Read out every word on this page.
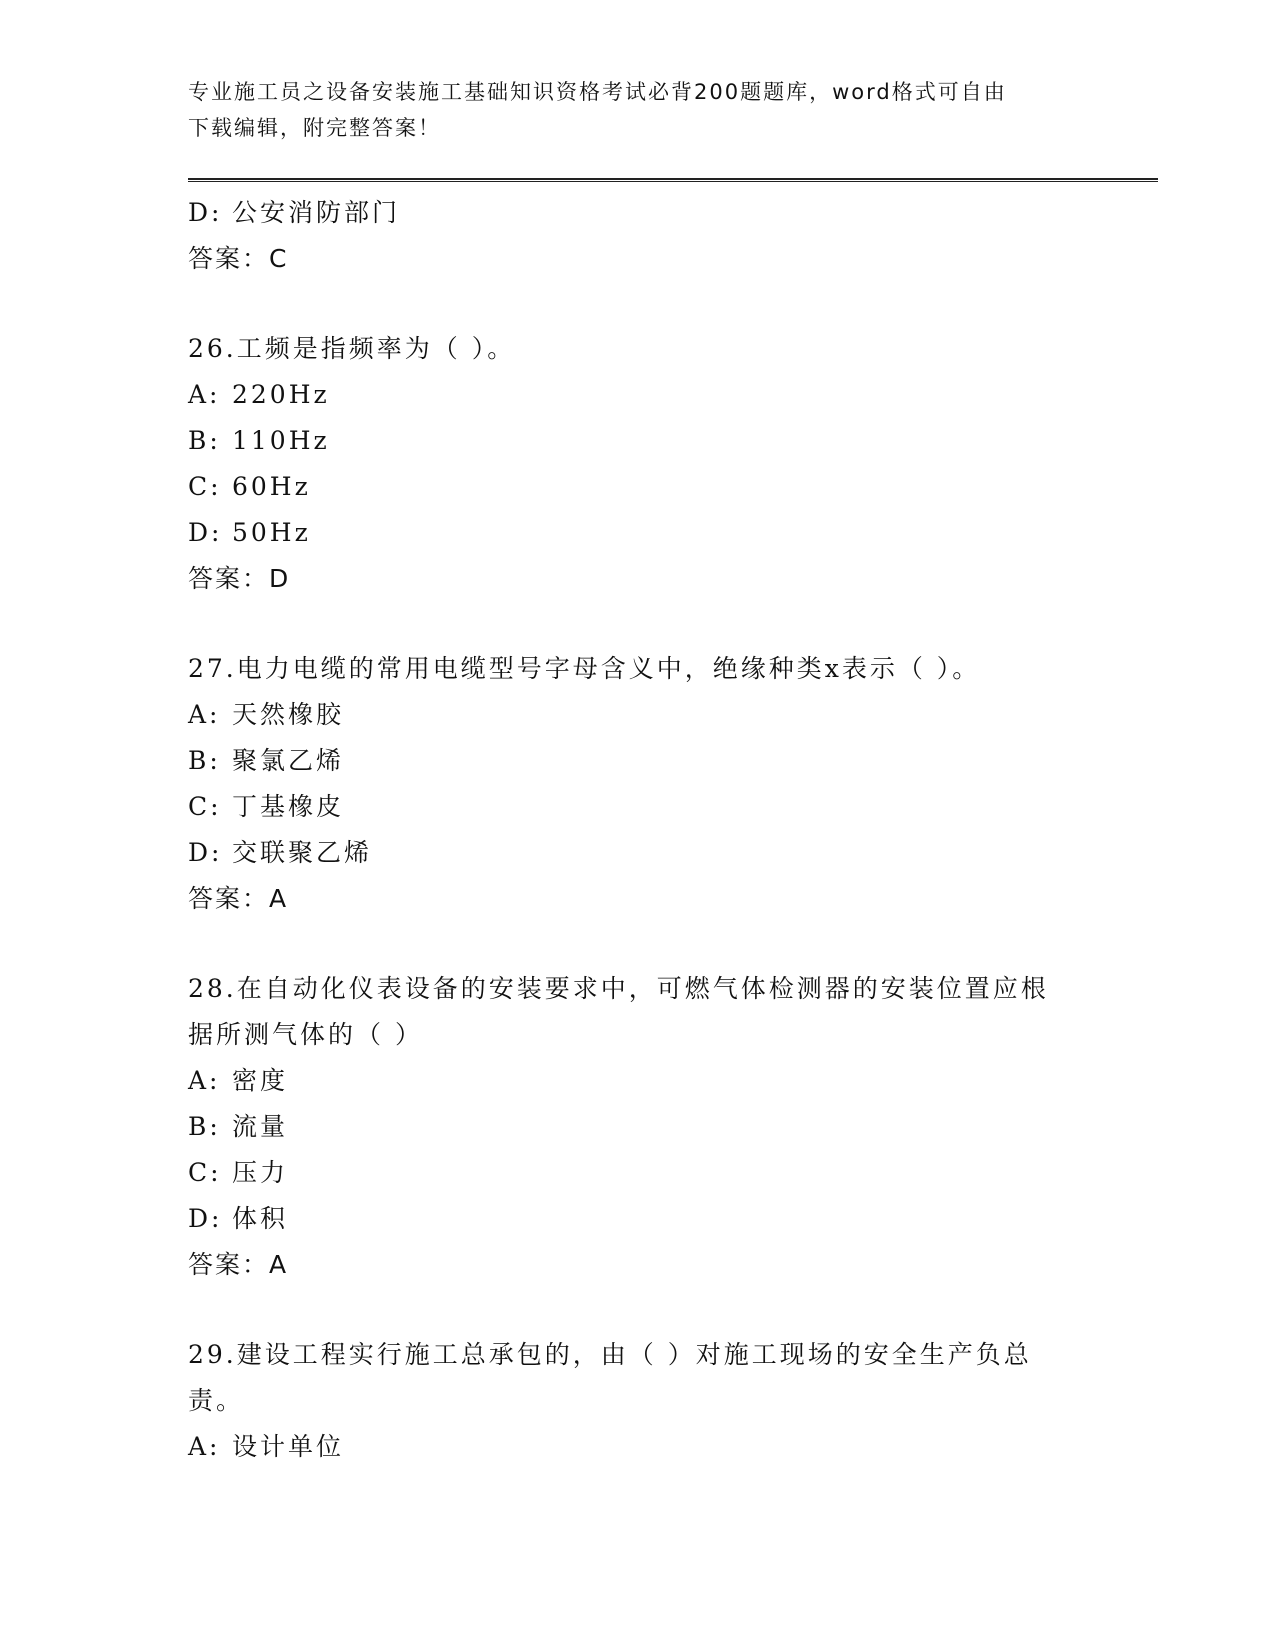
专业施工员之设备安装施工基础知识资格考试必背200题题库，word格式可自由
下载编辑，附完整答案！
D: 公安消防部门
答案：C
26.工频是指频率为（ ）。
A: 220Hz
B: 110Hz
C: 60Hz
D: 50Hz
答案：D
27.电力电缆的常用电缆型号字母含义中，绝缘种类x表示（ ）。
A: 天然橡胶
B: 聚氯乙烯
C: 丁基橡皮
D: 交联聚乙烯
答案：A
28.在自动化仪表设备的安装要求中，可燃气体检测器的安装位置应根
据所测气体的（ ）
A: 密度
B: 流量
C: 压力
D: 体积
答案：A
29.建设工程实行施工总承包的，由（ ）对施工现场的安全生产负总
责。
A: 设计单位
